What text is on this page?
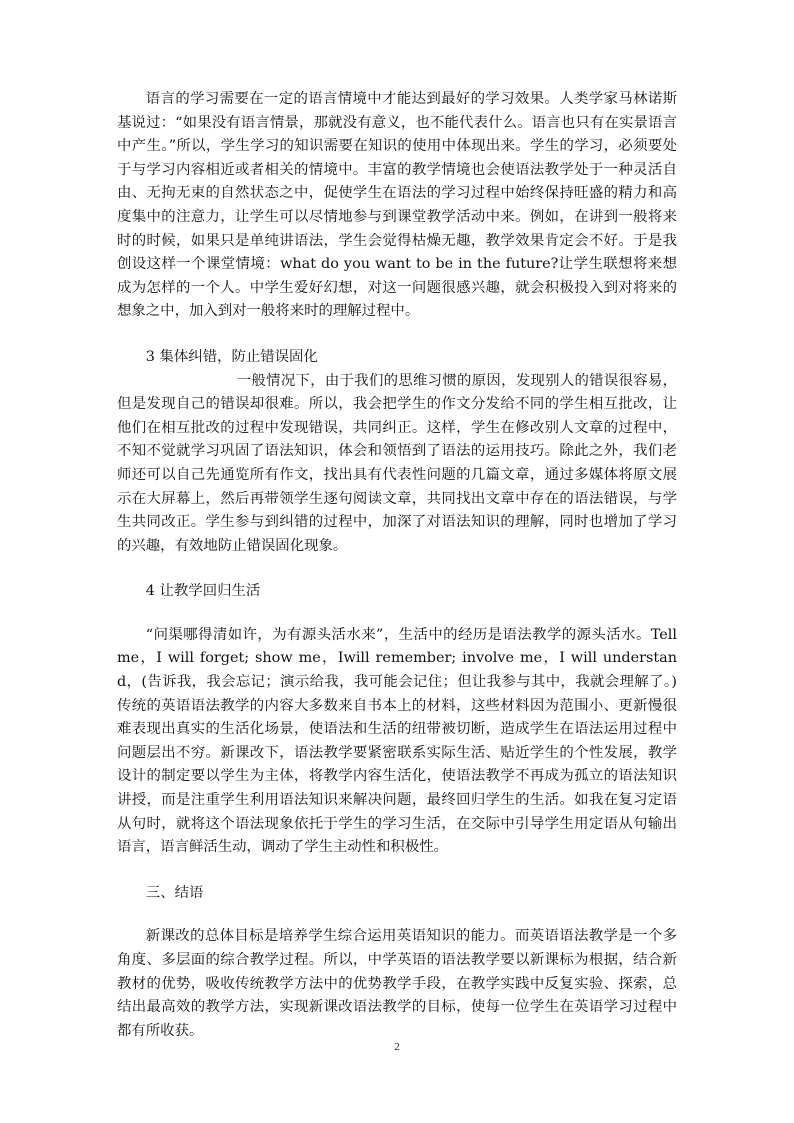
语言的学习需要在一定的语言情境中才能达到最好的学习效果。人类学家马林诺斯基说过：“如果没有语言情景，那就没有意义，也不能代表什么。语言也只有在实景语言中产生。”所以，学生学习的知识需要在知识的使用中体现出来。学生的学习，必须要处于与学习内容相近或者相关的情境中。丰富的教学情境也会使语法教学处于一种灵活自由、无拘无束的自然状态之中，促使学生在语法的学习过程中始终保持旺盛的精力和高度集中的注意力，让学生可以尽情地参与到课堂教学活动中来。例如，在讲到一般将来时的时候，如果只是单纯讲语法，学生会觉得枯燥无趣，教学效果肯定会不好。于是我创设这样一个课堂情境：what do you want to be in the future?让学生联想将来想成为怎样的一个人。中学生爱好幻想，对这一问题很感兴趣，就会积极投入到对将来的想象之中，加入到对一般将来时的理解过程中。

3 集体纠错，防止错误固化

一般情况下，由于我们的思维习惯的原因，发现别人的错误很容易，但是发现自己的错误却很难。所以，我会把学生的作文分发给不同的学生相互批改，让他们在相互批改的过程中发现错误，共同纠正。这样，学生在修改别人文章的过程中，不知不觉就学习巩固了语法知识，体会和领悟到了语法的运用技巧。除此之外，我们老师还可以自己先通览所有作文，找出具有代表性问题的几篇文章，通过多媒体将原文展示在大屏幕上，然后再带领学生逐句阅读文章，共同找出文章中存在的语法错误，与学生共同改正。学生参与到纠错的过程中，加深了对语法知识的理解，同时也增加了学习的兴趣，有效地防止错误固化现象。

4 让教学回归生活

“问渠哪得清如许，为有源头活水来”，生活中的经历是语法教学的源头活水。Tell me，I will forget; show me，Iwill remember; involve me，I will understand，(告诉我，我会忘记；演示给我，我可能会记住；但让我参与其中，我就会理解了。)传统的英语语法教学的内容大多数来自书本上的材料，这些材料因为范围小、更新慢很难表现出真实的生活化场景，使语法和生活的纽带被切断，造成学生在语法运用过程中问题层出不穷。新课改下，语法教学要紧密联系实际生活、贴近学生的个性发展，教学设计的制定要以学生为主体，将教学内容生活化，使语法教学不再成为孤立的语法知识讲授，而是注重学生利用语法知识来解决问题，最终回归学生的生活。如我在复习定语从句时，就将这个语法现象依托于学生的学习生活，在交际中引导学生用定语从句输出语言，语言鲜活生动，调动了学生主动性和积极性。

三、结语

新课改的总体目标是培养学生综合运用英语知识的能力。而英语语法教学是一个多角度、多层面的综合教学过程。所以，中学英语的语法教学要以新课标为根据，结合新教材的优势，吸收传统教学方法中的优势教学手段，在教学实践中反复实验、探索，总结出最高效的教学方法，实现新课改语法教学的目标，使每一位学生在英语学习过程中都有所收获。

2
